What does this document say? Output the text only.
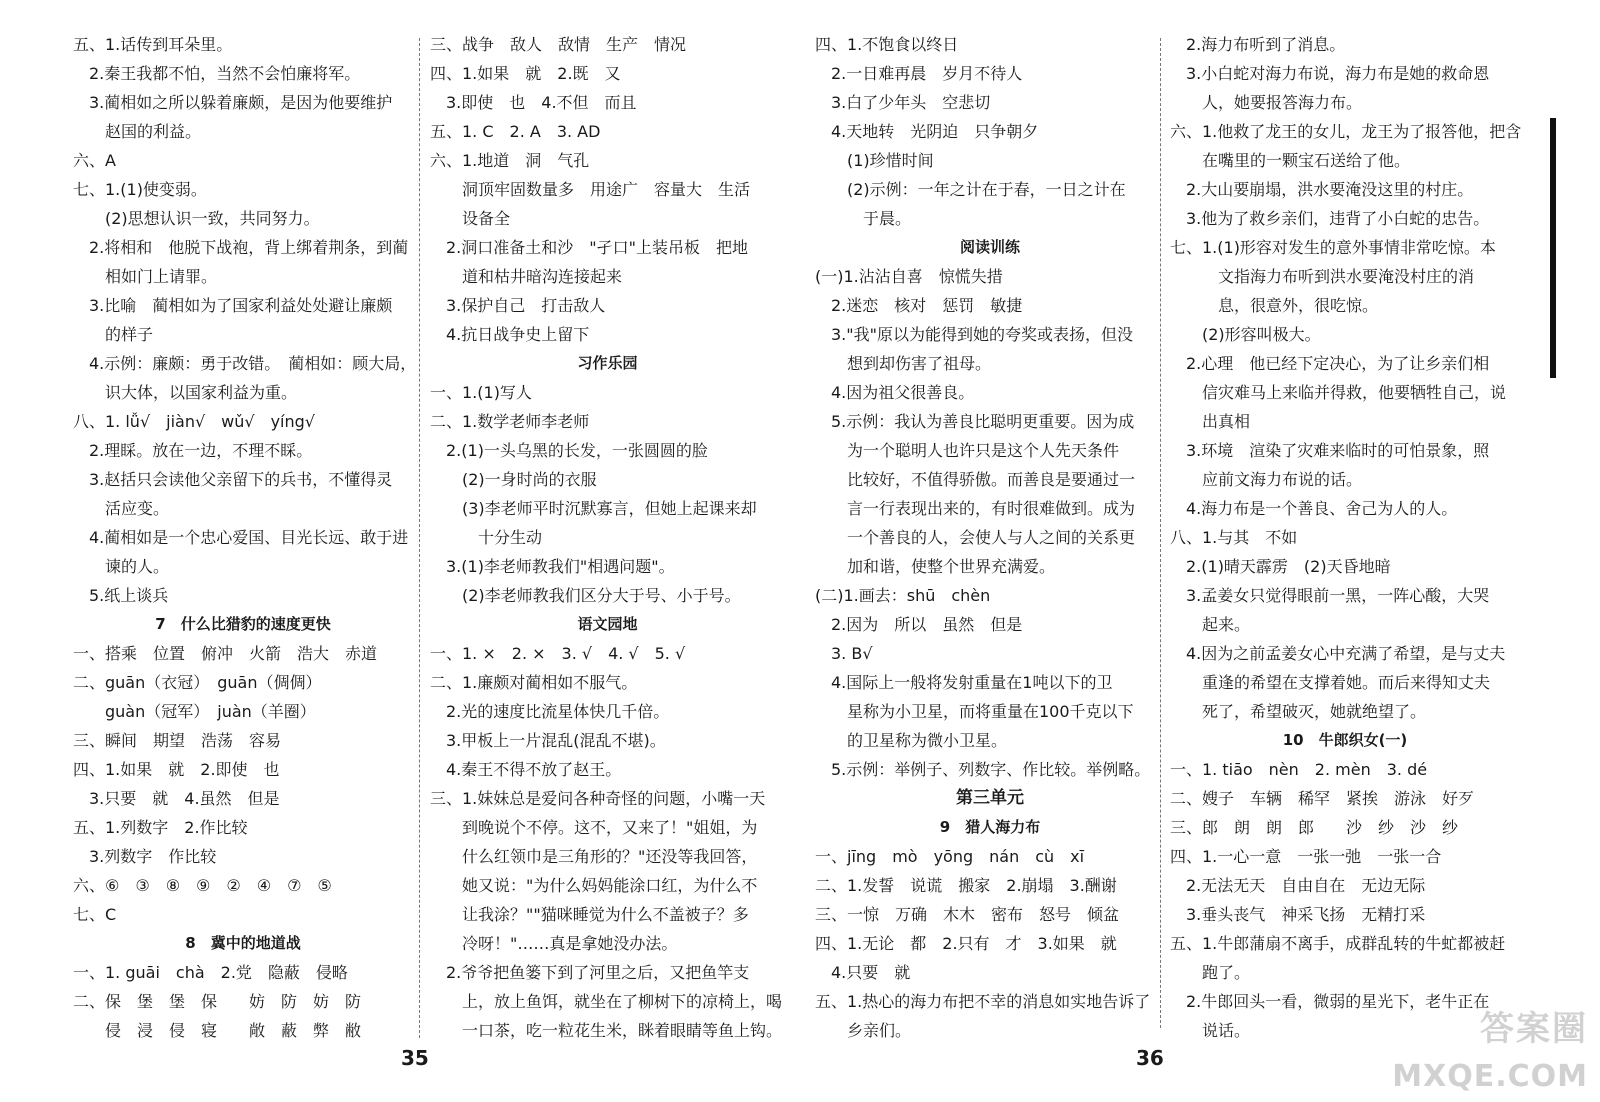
五、1.话传到耳朵里。
　2.秦王我都不怕，当然不会怕廉将军。
　3.蔺相如之所以躲着廉颇，是因为他要维护
　　赵国的利益。
六、A
七、1.(1)使变弱。
　　(2)思想认识一致，共同努力。
　2.将相和　他脱下战袍，背上绑着荆条，到蔺
　　相如门上请罪。
　3.比喻　蔺相如为了国家利益处处避让廉颇
　　的样子
　4.示例：廉颇：勇于改错。　蔺相如：顾大局，
　　识大体，以国家利益为重。
八、1. lǚ√　jiàn√　wǔ√　yíng√
　2.理睬。放在一边，不理不睬。
　3.赵括只会读他父亲留下的兵书，不懂得灵
　　活应变。
　4.蔺相如是一个忠心爱国、目光长远、敢于进
　　谏的人。
　5.纸上谈兵
7　什么比猎豹的速度更快
一、搭乘　位置　俯冲　火箭　浩大　赤道
二、guān（衣冠）　guān（倜倜）
　　guàn（冠军）　juàn（羊圈）
三、瞬间　期望　浩荡　容易
四、1.如果　就　2.即使　也
　3.只要　就　4.虽然　但是
五、1.列数字　2.作比较
　3.列数字　作比较
六、⑥　③　⑧　⑨　②　④　⑦　⑤
七、C
8　冀中的地道战
一、1. guāi　chà　2.党　隐蔽　侵略
二、保　堡　堡　保　　妨　防　妨　防
　　侵　浸　侵　寝　　敞　蔽　弊　敝
三、战争　敌人　敌情　生产　情况
四、1.如果　就　2.既　又
　3.即使　也　4.不但　而且
五、1. C　2. A　3. AD
六、1.地道　洞　气孔
　　洞顶牢固数量多　用途广　容量大　生活
　　设备全
　2.洞口准备土和沙　"孑口"上装吊板　把地
　　道和枯井暗沟连接起来
　3.保护自己　打击敌人
　4.抗日战争史上留下
习作乐园
一、1.(1)写人
二、1.数学老师李老师
　2.(1)一头乌黑的长发，一张圆圆的脸
　　(2)一身时尚的衣服
　　(3)李老师平时沉默寡言，但她上起课来却
　　　十分生动
　3.(1)李老师教我们"相遇问题"。
　　(2)李老师教我们区分大于号、小于号。
语文园地
一、1. ×　2. ×　3. √　4. √　5. √
二、1.廉颇对蔺相如不服气。
　2.光的速度比流星体快几千倍。
　3.甲板上一片混乱(混乱不堪)。
　4.秦王不得不放了赵王。
三、1.妹妹总是爱问各种奇怪的问题，小嘴一天
　　到晚说个不停。这不，又来了！"姐姐，为
　　什么红领巾是三角形的？"还没等我回答，
　　她又说："为什么妈妈能涂口红，为什么不
　　让我涂？""猫咪睡觉为什么不盖被子？多
　　冷呀！"……真是拿她没办法。
　2.爷爷把鱼篓下到了河里之后，又把鱼竿支
　　上，放上鱼饵，就坐在了柳树下的凉椅上，喝
　　一口茶，吃一粒花生米，眯着眼睛等鱼上钩。
四、1.不饱食以终日
　2.一日难再晨　岁月不待人
　3.白了少年头　空悲切
　4.天地转　光阴迫　只争朝夕
　　(1)珍惜时间
　　(2)示例：一年之计在于春，一日之计在
　　　于晨。
阅读训练
(一)1.沾沾自喜　惊慌失措
　2.迷恋　核对　惩罚　敏捷
　3."我"原以为能得到她的夸奖或表扬，但没
　　想到却伤害了祖母。
　4.因为祖父很善良。
　5.示例：我认为善良比聪明更重要。因为成
　　为一个聪明人也许只是这个人先天条件
　　比较好，不值得骄傲。而善良是要通过一
　　言一行表现出来的，有时很难做到。成为
　　一个善良的人，会使人与人之间的关系更
　　加和谐，使整个世界充满爱。
(二)1.画去：shū　chèn
　2.因为　所以　虽然　但是
　3. B√
　4.国际上一般将发射重量在1吨以下的卫
　　星称为小卫星，而将重量在100千克以下
　　的卫星称为微小卫星。
　5.示例：举例子、列数字、作比较。举例略。
第三单元
9　猎人海力布
一、jīng　mò　yōng　nán　cù　xī
二、1.发誓　说谎　搬家　2.崩塌　3.酬谢
三、一惊　万确　木木　密布　怒号　倾盆
四、1.无论　都　2.只有　才　3.如果　就
　4.只要　就
五、1.热心的海力布把不幸的消息如实地告诉了
　　乡亲们。
　2.海力布听到了消息。
　3.小白蛇对海力布说，海力布是她的救命恩
　　人，她要报答海力布。
六、1.他救了龙王的女儿，龙王为了报答他，把含
　　在嘴里的一颗宝石送给了他。
　2.大山要崩塌，洪水要淹没这里的村庄。
　3.他为了救乡亲们，违背了小白蛇的忠告。
七、1.(1)形容对发生的意外事情非常吃惊。本
　　　文指海力布听到洪水要淹没村庄的消
　　　息，很意外，很吃惊。
　　(2)形容叫极大。
　2.心理　他已经下定决心，为了让乡亲们相
　　信灾难马上来临并得救，他要牺牲自己，说
　　出真相
　3.环境　渲染了灾难来临时的可怕景象，照
　　应前文海力布说的话。
　4.海力布是一个善良、舍己为人的人。
八、1.与其　不如
　2.(1)晴天霹雳　(2)天昏地暗
　3.孟姜女只觉得眼前一黑，一阵心酸，大哭
　　起来。
　4.因为之前孟姜女心中充满了希望，是与丈夫
　　重逢的希望在支撑着她。而后来得知丈夫
　　死了，希望破灭，她就绝望了。
10　牛郎织女(一)
一、1. tiāo　nèn　2. mèn　3. dé
二、嫂子　车辆　稀罕　紧挨　游泳　好歹
三、郎　朗　朗　郎　　沙　纱　沙　纱
四、1.一心一意　一张一弛　一张一合
　2.无法无天　自由自在　无边无际
　3.垂头丧气　神采飞扬　无精打采
五、1.牛郎蒲扇不离手，成群乱转的牛虻都被赶
　　跑了。
　2.牛郎回头一看，微弱的星光下，老牛正在
　　说话。
35	36
答案圈
MXQE.COM
